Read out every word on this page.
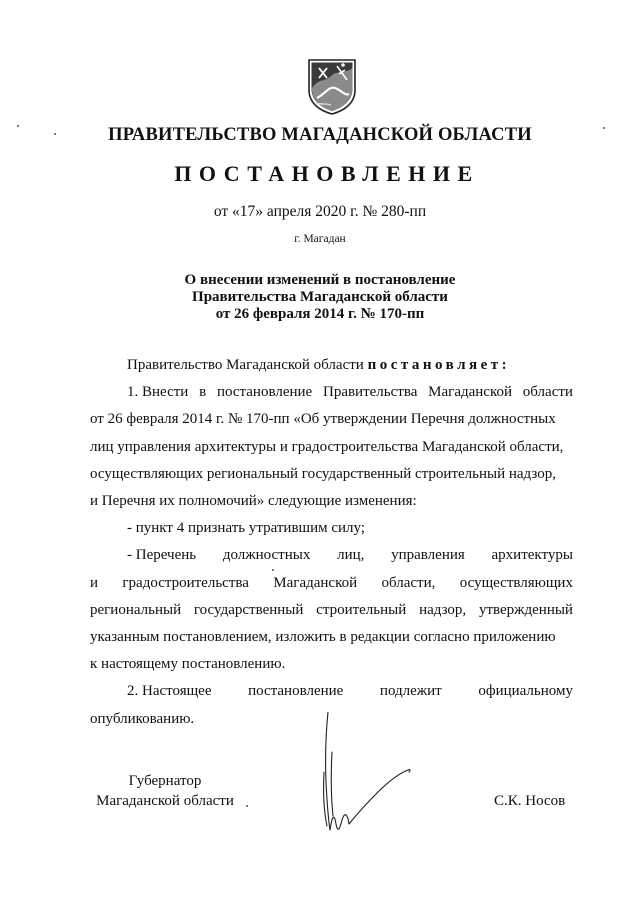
ПРАВИТЕЛЬСТВО МАГАДАНСКОЙ ОБЛАСТИ
ПОСТАНОВЛЕНИЕ
от «17» апреля 2020 г. № 280-пп
г. Магадан
О внесении изменений в постановление
Правительства Магаданской области
от 26 февраля 2014 г. № 170-пп
Правительство Магаданской области постановляет:
1. Внести в постановление Правительства Магаданской области
от 26 февраля 2014 г. № 170-пп «Об утверждении Перечня должностных
лиц управления архитектуры и градостроительства Магаданской области,
осуществляющих региональный государственный строительный надзор,
и Перечня их полномочий» следующие изменения:
- пункт 4 признать утратившим силу;
- Перечень должностных лиц, управления архитектуры
и градостроительства Магаданской области, осуществляющих
региональный государственный строительный надзор, утвержденный
указанным постановлением, изложить в редакции согласно приложению
к настоящему постановлению.
2. Настоящее постановление подлежит официальному
опубликованию.
Губернатор
Магаданской области	С.К. Носов
